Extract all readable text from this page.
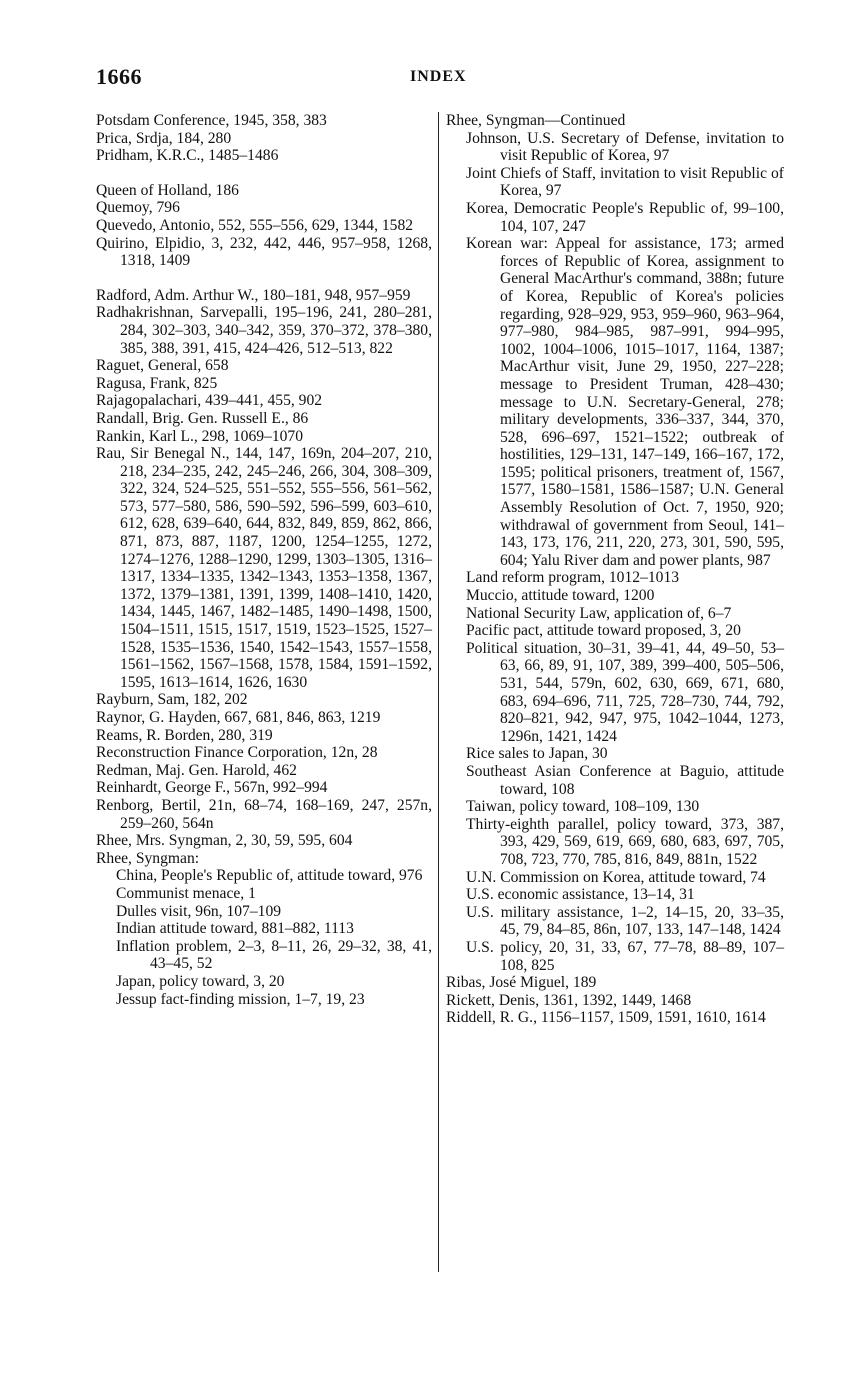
1666	INDEX
Potsdam Conference, 1945, 358, 383
Prica, Srdja, 184, 280
Pridham, K.R.C., 1485–1486
Queen of Holland, 186
Quemoy, 796
Quevedo, Antonio, 552, 555–556, 629, 1344, 1582
Quirino, Elpidio, 3, 232, 442, 446, 957–958, 1268, 1318, 1409
Radford, Adm. Arthur W., 180–181, 948, 957–959
Radhakrishnan, Sarvepalli, 195–196, 241, 280–281, 284, 302–303, 340–342, 359, 370–372, 378–380, 385, 388, 391, 415, 424–426, 512–513, 822
Raguet, General, 658
Ragusa, Frank, 825
Rajagopalachari, 439–441, 455, 902
Randall, Brig. Gen. Russell E., 86
Rankin, Karl L., 298, 1069–1070
Rau, Sir Benegal N., 144, 147, 169n, 204–207, 210, 218, 234–235, 242, 245–246, 266, 304, 308–309, 322, 324, 524–525, 551–552, 555–556, 561–562, 573, 577–580, 586, 590–592, 596–599, 603–610, 612, 628, 639–640, 644, 832, 849, 859, 862, 866, 871, 873, 887, 1187, 1200, 1254–1255, 1272, 1274–1276, 1288–1290, 1299, 1303–1305, 1316–1317, 1334–1335, 1342–1343, 1353–1358, 1367, 1372, 1379–1381, 1391, 1399, 1408–1410, 1420, 1434, 1445, 1467, 1482–1485, 1490–1498, 1500, 1504–1511, 1515, 1517, 1519, 1523–1525, 1527–1528, 1535–1536, 1540, 1542–1543, 1557–1558, 1561–1562, 1567–1568, 1578, 1584, 1591–1592, 1595, 1613–1614, 1626, 1630
Rayburn, Sam, 182, 202
Raynor, G. Hayden, 667, 681, 846, 863, 1219
Reams, R. Borden, 280, 319
Reconstruction Finance Corporation, 12n, 28
Redman, Maj. Gen. Harold, 462
Reinhardt, George F., 567n, 992–994
Renborg, Bertil, 21n, 68–74, 168–169, 247, 257n, 259–260, 564n
Rhee, Mrs. Syngman, 2, 30, 59, 595, 604
Rhee, Syngman:
China, People's Republic of, attitude toward, 976
Communist menace, 1
Dulles visit, 96n, 107–109
Indian attitude toward, 881–882, 1113
Inflation problem, 2–3, 8–11, 26, 29–32, 38, 41, 43–45, 52
Japan, policy toward, 3, 20
Jessup fact-finding mission, 1–7, 19, 23
Rhee, Syngman—Continued
Johnson, U.S. Secretary of Defense, invitation to visit Republic of Korea, 97
Joint Chiefs of Staff, invitation to visit Republic of Korea, 97
Korea, Democratic People's Republic of, 99–100, 104, 107, 247
Korean war: Appeal for assistance, 173; armed forces of Republic of Korea, assignment to General MacArthur's command, 388n; future of Korea, Republic of Korea's policies regarding, 928–929, 953, 959–960, 963–964, 977–980, 984–985, 987–991, 994–995, 1002, 1004–1006, 1015–1017, 1164, 1387; MacArthur visit, June 29, 1950, 227–228; message to President Truman, 428–430; message to U.N. Secretary-General, 278; military developments, 336–337, 344, 370, 528, 696–697, 1521–1522; outbreak of hostilities, 129–131, 147–149, 166–167, 172, 1595; political prisoners, treatment of, 1567, 1577, 1580–1581, 1586–1587; U.N. General Assembly Resolution of Oct. 7, 1950, 920; withdrawal of government from Seoul, 141–143, 173, 176, 211, 220, 273, 301, 590, 595, 604; Yalu River dam and power plants, 987
Land reform program, 1012–1013
Muccio, attitude toward, 1200
National Security Law, application of, 6–7
Pacific pact, attitude toward proposed, 3, 20
Political situation, 30–31, 39–41, 44, 49–50, 53–63, 66, 89, 91, 107, 389, 399–400, 505–506, 531, 544, 579n, 602, 630, 669, 671, 680, 683, 694–696, 711, 725, 728–730, 744, 792, 820–821, 942, 947, 975, 1042–1044, 1273, 1296n, 1421, 1424
Rice sales to Japan, 30
Southeast Asian Conference at Baguio, attitude toward, 108
Taiwan, policy toward, 108–109, 130
Thirty-eighth parallel, policy toward, 373, 387, 393, 429, 569, 619, 669, 680, 683, 697, 705, 708, 723, 770, 785, 816, 849, 881n, 1522
U.N. Commission on Korea, attitude toward, 74
U.S. economic assistance, 13–14, 31
U.S. military assistance, 1–2, 14–15, 20, 33–35, 45, 79, 84–85, 86n, 107, 133, 147–148, 1424
U.S. policy, 20, 31, 33, 67, 77–78, 88–89, 107–108, 825
Ribas, José Miguel, 189
Rickett, Denis, 1361, 1392, 1449, 1468
Riddell, R. G., 1156–1157, 1509, 1591, 1610, 1614
